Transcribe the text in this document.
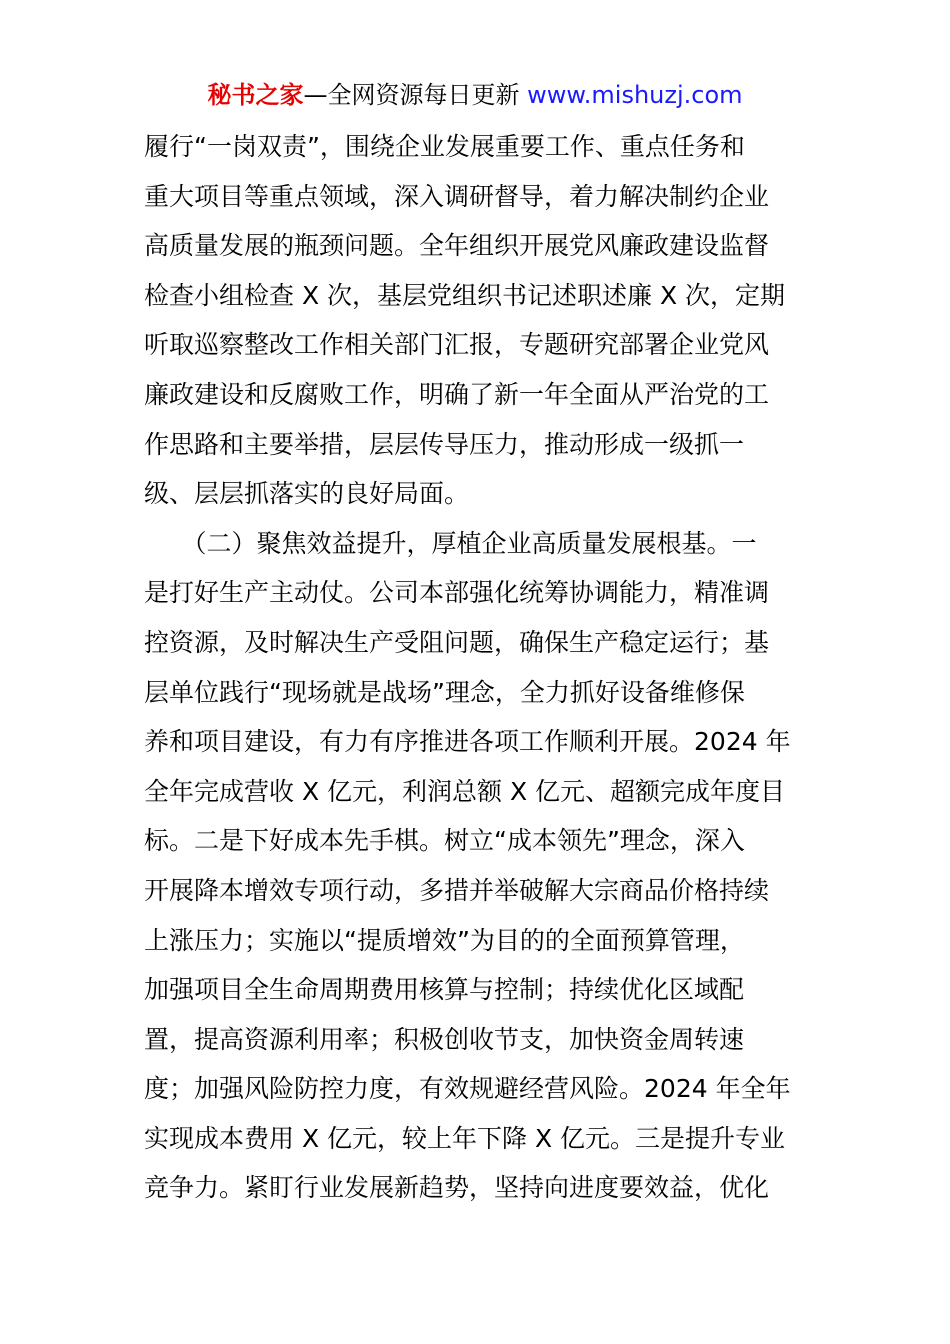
秘书之家—全网资源每日更新 www.mishuzj.com
履行“一岗双责”，围绕企业发展重要工作、重点任务和
重大项目等重点领域，深入调研督导，着力解决制约企业
高质量发展的瓶颈问题。全年组织开展党风廉政建设监督
检查小组检查 X 次，基层党组织书记述职述廉 X 次，定期
听取巡察整改工作相关部门汇报，专题研究部署企业党风
廉政建设和反腐败工作，明确了新一年全面从严治党的工
作思路和主要举措，层层传导压力，推动形成一级抓一
级、层层抓落实的良好局面。
　　（二）聚焦效益提升，厚植企业高质量发展根基。一
是打好生产主动仗。公司本部强化统筹协调能力，精准调
控资源，及时解决生产受阻问题，确保生产稳定运行；基
层单位践行“现场就是战场”理念，全力抓好设备维修保
养和项目建设，有力有序推进各项工作顺利开展。2024 年
全年完成营收 X 亿元，利润总额 X 亿元、超额完成年度目
标。二是下好成本先手棋。树立“成本领先”理念，深入
开展降本增效专项行动，多措并举破解大宗商品价格持续
上涨压力；实施以“提质增效”为目的的全面预算管理，
加强项目全生命周期费用核算与控制；持续优化区域配
置，提高资源利用率；积极创收节支，加快资金周转速
度；加强风险防控力度，有效规避经营风险。2024 年全年
实现成本费用 X 亿元，较上年下降 X 亿元。三是提升专业
竞争力。紧盯行业发展新趋势，坚持向进度要效益，优化
